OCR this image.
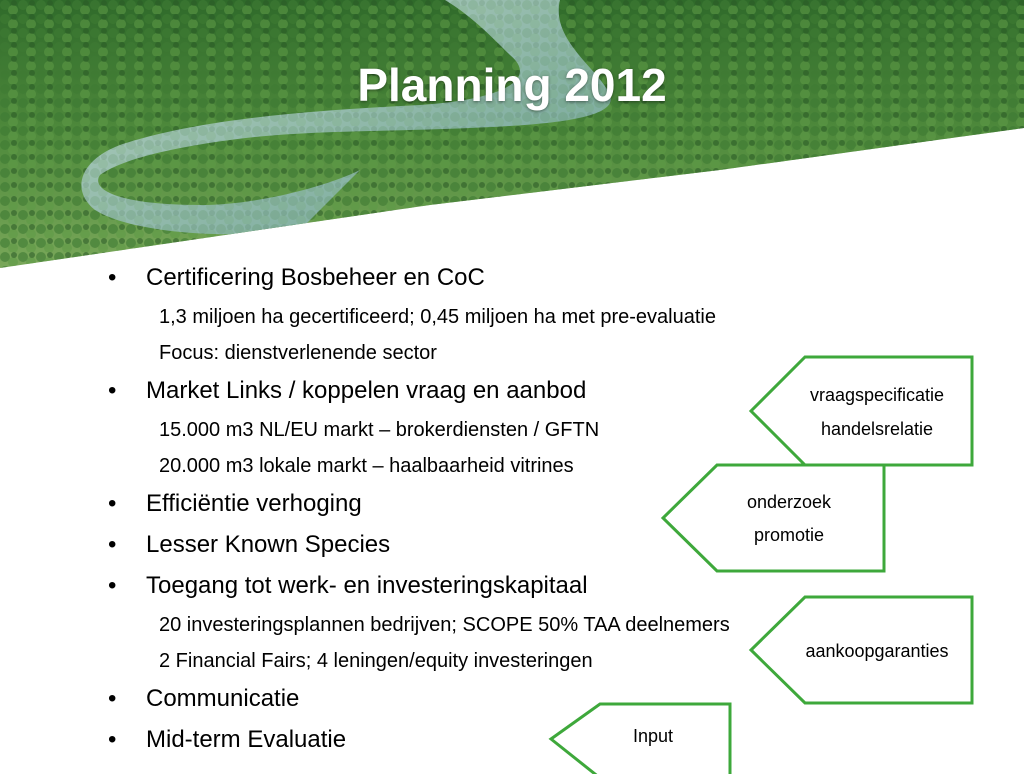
Planning 2012
•	Certificering Bosbeheer en CoC
1,3 miljoen ha gecertificeerd; 0,45 miljoen ha met pre-evaluatie
Focus: dienstverlenende sector
•	Market Links / koppelen vraag en aanbod
15.000 m3 NL/EU markt – brokerdiensten / GFTN
20.000 m3 lokale markt – haalbaarheid vitrines
•	Efficiëntie verhoging
•	Lesser Known Species
•	Toegang tot werk- en investeringskapitaal
20 investeringsplannen bedrijven; SCOPE 50% TAA deelnemers
2 Financial Fairs; 4 leningen/equity investeringen
•	Communicatie
•	Mid-term Evaluatie
vraagspecificatie
handelsrelatie
onderzoek
promotie
aankoopgaranties
Input
